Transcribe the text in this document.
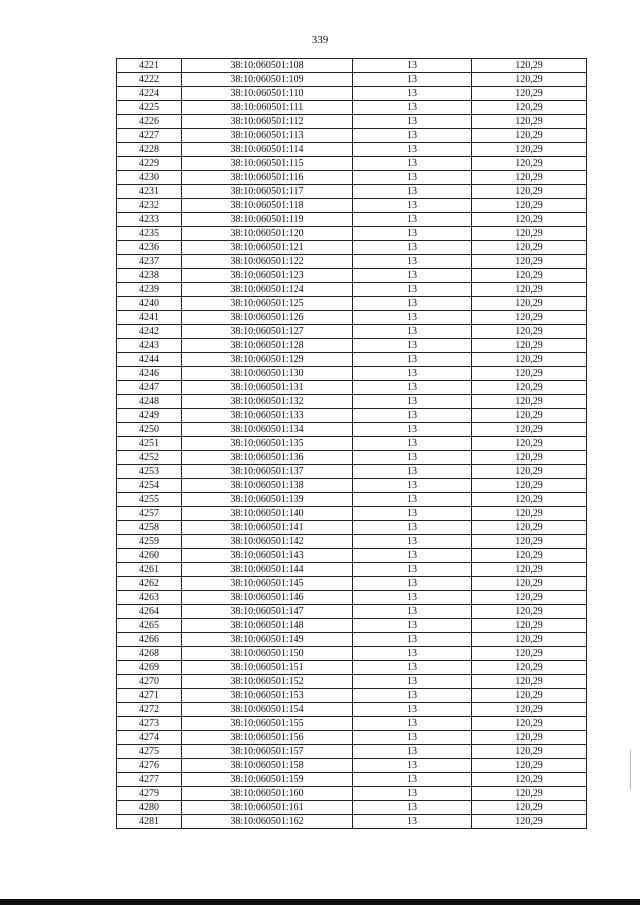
339
4221	38:10:060501:108	13	120,29
4222	38:10:060501:109	13	120,29
4224	38:10:060501:110	13	120,29
4225	38:10:060501:111	13	120,29
4226	38:10:060501:112	13	120,29
4227	38:10:060501:113	13	120,29
4228	38:10:060501:114	13	120,29
4229	38:10:060501:115	13	120,29
4230	38:10:060501:116	13	120,29
4231	38:10:060501:117	13	120,29
4232	38:10:060501:118	13	120,29
4233	38:10:060501:119	13	120,29
4235	38:10:060501:120	13	120,29
4236	38:10:060501:121	13	120,29
4237	38:10:060501:122	13	120,29
4238	38:10:060501:123	13	120,29
4239	38:10:060501:124	13	120,29
4240	38:10:060501:125	13	120,29
4241	38:10:060501:126	13	120,29
4242	38:10:060501:127	13	120,29
4243	38:10:060501:128	13	120,29
4244	38:10:060501:129	13	120,29
4246	38:10:060501:130	13	120,29
4247	38:10:060501:131	13	120,29
4248	38:10:060501:132	13	120,29
4249	38:10:060501:133	13	120,29
4250	38:10:060501:134	13	120,29
4251	38:10:060501:135	13	120,29
4252	38:10:060501:136	13	120,29
4253	38:10:060501:137	13	120,29
4254	38:10:060501:138	13	120,29
4255	38:10:060501:139	13	120,29
4257	38:10:060501:140	13	120,29
4258	38:10:060501:141	13	120,29
4259	38:10:060501:142	13	120,29
4260	38:10:060501:143	13	120,29
4261	38:10:060501:144	13	120,29
4262	38:10:060501:145	13	120,29
4263	38:10:060501:146	13	120,29
4264	38:10:060501:147	13	120,29
4265	38:10:060501:148	13	120,29
4266	38:10:060501:149	13	120,29
4268	38:10:060501:150	13	120,29
4269	38:10:060501:151	13	120,29
4270	38:10:060501:152	13	120,29
4271	38:10:060501:153	13	120,29
4272	38:10:060501:154	13	120,29
4273	38:10:060501:155	13	120,29
4274	38:10:060501:156	13	120,29
4275	38:10:060501:157	13	120,29
4276	38:10:060501:158	13	120,29
4277	38:10:060501:159	13	120,29
4279	38:10:060501:160	13	120,29
4280	38:10:060501:161	13	120,29
4281	38:10:060501:162	13	120,29
